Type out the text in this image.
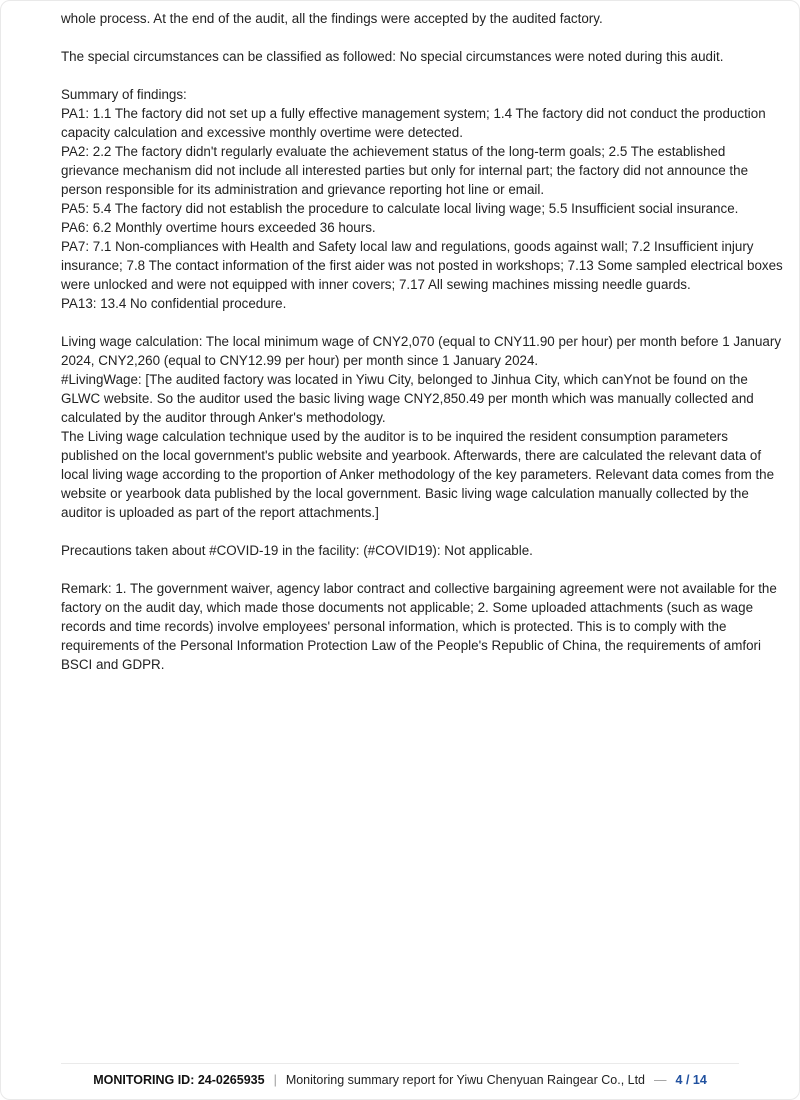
whole process. At the end of the audit, all the findings were accepted by the audited factory.
The special circumstances can be classified as followed: No special circumstances were noted during this audit.
Summary of findings:
PA1: 1.1 The factory did not set up a fully effective management system; 1.4 The factory did not conduct the production
capacity calculation and excessive monthly overtime were detected.
PA2: 2.2 The factory didn't regularly evaluate the achievement status of the long-term goals; 2.5 The established
grievance mechanism did not include all interested parties but only for internal part; the factory did not announce the
person responsible for its administration and grievance reporting hot line or email.
PA5: 5.4 The factory did not establish the procedure to calculate local living wage; 5.5 Insufficient social insurance.
PA6: 6.2 Monthly overtime hours exceeded 36 hours.
PA7: 7.1 Non-compliances with Health and Safety local law and regulations, goods against wall; 7.2 Insufficient injury
insurance; 7.8 The contact information of the first aider was not posted in workshops; 7.13 Some sampled electrical boxes
were unlocked and were not equipped with inner covers; 7.17 All sewing machines missing needle guards.
PA13: 13.4 No confidential procedure.
Living wage calculation: The local minimum wage of CNY2,070 (equal to CNY11.90 per hour) per month before 1 January
2024, CNY2,260 (equal to CNY12.99 per hour) per month since 1 January 2024.
#LivingWage: [The audited factory was located in Yiwu City, belonged to Jinhua City, which canYnot be found on the
GLWC website. So the auditor used the basic living wage CNY2,850.49 per month which was manually collected and
calculated by the auditor through Anker's methodology.
The Living wage calculation technique used by the auditor is to be inquired the resident consumption parameters
published on the local government's public website and yearbook. Afterwards, there are calculated the relevant data of
local living wage according to the proportion of Anker methodology of the key parameters. Relevant data comes from the
website or yearbook data published by the local government. Basic living wage calculation manually collected by the
auditor is uploaded as part of the report attachments.]
Precautions taken about #COVID-19 in the facility: (#COVID19): Not applicable.
Remark: 1. The government waiver, agency labor contract and collective bargaining agreement were not available for the
factory on the audit day, which made those documents not applicable; 2. Some uploaded attachments (such as wage
records and time records) involve employees' personal information, which is protected. This is to comply with the
requirements of the Personal Information Protection Law of the People's Republic of China, the requirements of amfori
BSCI and GDPR.
MONITORING ID: 24-0265935 | Monitoring summary report for Yiwu Chenyuan Raingear Co., Ltd — 4 / 14
